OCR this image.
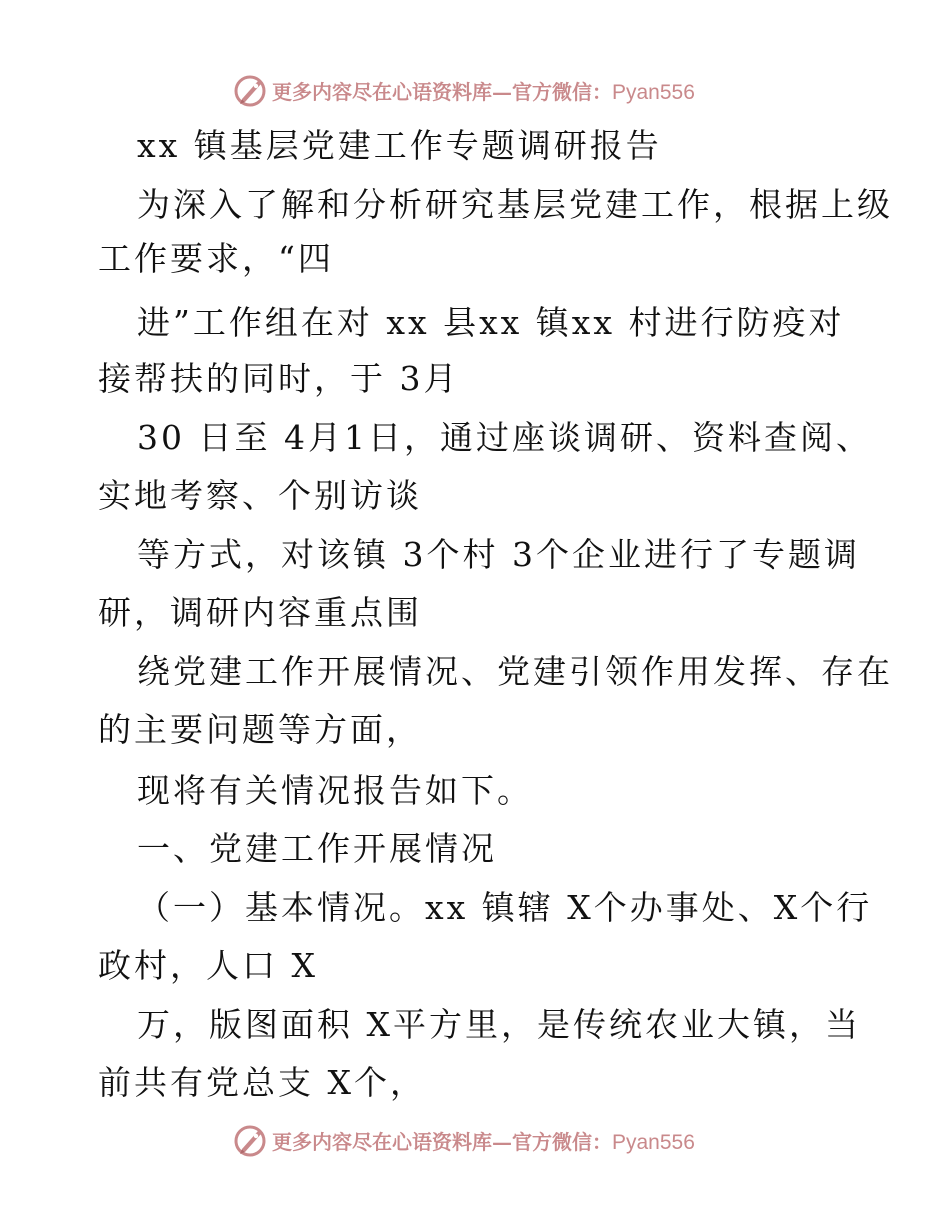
更多内容尽在心语资料库—官方微信：Pyan556
xx 镇基层党建工作专题调研报告
为深入了解和分析研究基层党建工作，根据上级
工作要求，“四
进”工作组在对 xx 县xx 镇xx 村进行防疫对
接帮扶的同时，于 3月
30 日至 4月1日，通过座谈调研、资料查阅、
实地考察、个别访谈
等方式，对该镇 3个村 3个企业进行了专题调
研，调研内容重点围
绕党建工作开展情况、党建引领作用发挥、存在
的主要问题等方面，
现将有关情况报告如下。
一、党建工作开展情况
（一）基本情况。xx 镇辖 X个办事处、X个行
政村，人口 X
万，版图面积 X平方里，是传统农业大镇，当
前共有党总支 X个，
更多内容尽在心语资料库—官方微信：Pyan556
